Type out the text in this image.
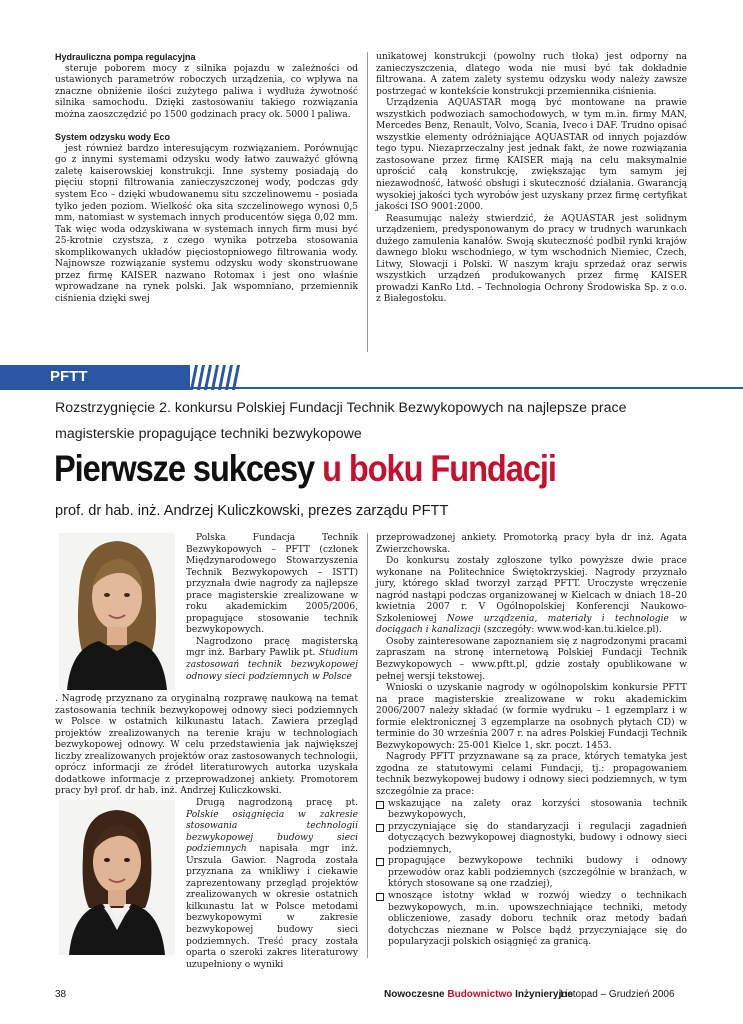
Hydrauliczna pompa regulacyjna

steruje poborem mocy z silnika pojazdu w zależności od ustawionych parametrów roboczych urządzenia, co wpływa na znaczne obniżenie ilości zużytego paliwa i wydłuża żywotność silnika samochodu. Dzięki zastosowaniu takiego rozwiązania można zaoszczędzić po 1500 godzinach pracy ok. 5000 l paliwa.

System odzysku wody Eco

jest również bardzo interesującym rozwiązaniem. Porównując go z innymi systemami odzysku wody łatwo zauważyć główną zaletę kaiserowskiej konstrukcji. Inne systemy posiadają do pięciu stopni filtrowania zanieczyszczonej wody, podczas gdy system Eco – dzięki wbudowanemu situ szczelinowemu – posiada tylko jeden poziom. Wielkość oka sita szczelinowego wynosi 0,5 mm, natomiast w systemach innych producentów sięga 0,02 mm. Tak więc woda odzyskiwana w systemach innych firm musi być 25-krotnie czystsza, z czego wynika potrzeba stosowania skomplikowanych układów pięciostopniowego filtrowania wody. Najnowsze rozwiązanie systemu odzysku wody skonstruowane przez firmę KAISER nazwano Rotomax i jest ono właśnie wprowadzane na rynek polski. Jak wspomniano, przemiennik ciśnienia dzięki swej

unikatowej konstrukcji (powolny ruch tłoka) jest odporny na zanieczyszczenia, dlatego woda nie musi być tak dokładnie filtrowana. A zatem zalety systemu odzysku wody należy zawsze postrzegać w kontekście konstrukcji przemiennika ciśnienia.

Urządzenia AQUASTAR mogą być montowane na prawie wszystkich podwoziach samochodowych, w tym m.in. firmy MAN, Mercedes Benz, Renault, Volvo, Scania, Iveco i DAF. Trudno opisać wszystkie elementy odróżniające AQUASTAR od innych pojazdów tego typu. Niezaprzeczalny jest jednak fakt, że nowe rozwiązania zastosowane przez firmę KAISER mają na celu maksymalnie uprościć całą konstrukcję, zwiększając tym samym jej niezawodność, łatwość obsługi i skuteczność działania. Gwarancją wysokiej jakości tych wyrobów jest uzyskany przez firmę certyfikat jakości ISO 9001:2000.

Reasumując należy stwierdzić, że AQUASTAR jest solidnym urządzeniem, predysponowanym do pracy w trudnych warunkach dużego zamulenia kanałów. Swoją skuteczność podbił rynki krajów dawnego bloku wschodniego, w tym wschodnich Niemiec, Czech, Litwy, Słowacji i Polski. W naszym kraju sprzedaż oraz serwis wszystkich urządzeń produkowanych przez firmę KAISER prowadzi KanRo Ltd. – Technologia Ochrony Środowiska Sp. z o.o. z Białegostoku.

PFTT
Rozstrzygnięcie 2. konkursu Polskiej Fundacji Technik Bezwykopowych na najlepsze prace
magisterskie propagujące techniki bezwykopowe
Pierwsze sukcesy u boku Fundacji
prof. dr hab. inż. Andrzej Kuliczkowski, prezes zarządu PFTT

Polska Fundacja Technik Bezwykopowych – PFTT (członek Międzynarodowego Stowarzyszenia Technik Bezwykopowych – ISTT) przyznała dwie nagrody za najlepsze prace magisterskie zrealizowane w roku akademickim 2005/2006, propagujące stosowanie technik bezwykopowych.

Nagrodzono pracę magisterską mgr inż. Barbary Pawlik pt. Studium zastosowań technik bezwykopowej odnowy sieci podziemnych w Polsce

. Nagrodę przyznano za oryginalną rozprawę naukową na temat zastosowania technik bezwykopowej odnowy sieci podziemnych w Polsce w ostatnich kilkunastu latach. Zawiera przegląd projektów zrealizowanych na terenie kraju w technologiach bezwykopowej odnowy. W celu przedstawienia jak największej liczby zrealizowanych projektów oraz zastosowanych technologii, oprócz informacji ze źródeł literaturowych autorka uzyskała dodatkowe informacje z przeprowadzonej ankiety. Promotorem pracy był prof. dr hab. inż. Andrzej Kuliczkowski.

Drugą nagrodzoną pracę pt. Polskie osiągnięcia w zakresie stosowania technologii bezwykopowej budowy sieci podziemnych napisała mgr inż. Urszula Gawior. Nagroda została przyznana za wnikliwy i ciekawie zaprezentowany przegląd projektów zrealizowanych w okresie ostatnich kilkunastu lat w Polsce metodami bezwykopowymi w zakresie bezwykopowej budowy sieci podziemnych. Treść pracy została oparta o szeroki zakres literaturowy uzupełniony o wyniki

przeprowadzonej ankiety. Promotorką pracy była dr inż. Agata Zwierzchowska.

Do konkursu zostały zgłoszone tylko powyższe dwie prace wykonane na Politechnice Świętokrzyskiej. Nagrody przyznało jury, którego skład tworzył zarząd PFTT. Uroczyste wręczenie nagród nastąpi podczas organizowanej w Kielcach w dniach 18–20 kwietnia 2007 r. V Ogólnopolskiej Konferencji Naukowo-Szkoleniowej Nowe urządzenia, materiały i technologie w dociągach i kanalizacji (szczegóły: www.wod-kan.tu.kielce.pl).

Osoby zainteresowane zapoznaniem się z nagrodzonymi pracami zapraszam na stronę internetową Polskiej Fundacji Technik Bezwykopowych – www.pftt.pl, gdzie zostały opublikowane w pełnej wersji tekstowej.

Wnioski o uzyskanie nagrody w ogólnopolskim konkursie PFTT na prace magisterskie zrealizowane w roku akademickim 2006/2007 należy składać (w formie wydruku – 1 egzemplarz i w formie elektronicznej 3 egzemplarze na osobnych płytach CD) w terminie do 30 września 2007 r. na adres Polskiej Fundacji Technik Bezwykopowych: 25-001 Kielce 1, skr. poczt. 1453.

Nagrody PFTT przyznawane są za prace, których tematyka jest zgodna ze statutowymi celami Fundacji, tj.: propagowaniem technik bezwykopowej budowy i odnowy sieci podziemnych, w tym szczególnie za prace:

wskazujące na zalety oraz korzyści stosowania technik bezwykopowych,

przyczyniające się do standaryzacji i regulacji zagadnień dotyczących bezwykopowej diagnostyki, budowy i odnowy sieci podziemnych,

propagujące bezwykopowe techniki budowy i odnowy przewodów oraz kabli podziemnych (szczególnie w branżach, w których stosowane są one rzadziej),

wnoszące istotny wkład w rozwój wiedzy o technikach bezwykopowych, m.in. upowszechniające techniki, metody obliczeniowe, zasady doboru technik oraz metody badań dotychczas nieznane w Polsce bądź przyczyniające się do popularyzacji polskich osiągnięć za granicą.

38	Nowoczesne Budownictwo Inżynieryjne
Listopad – Grudzień 2006
